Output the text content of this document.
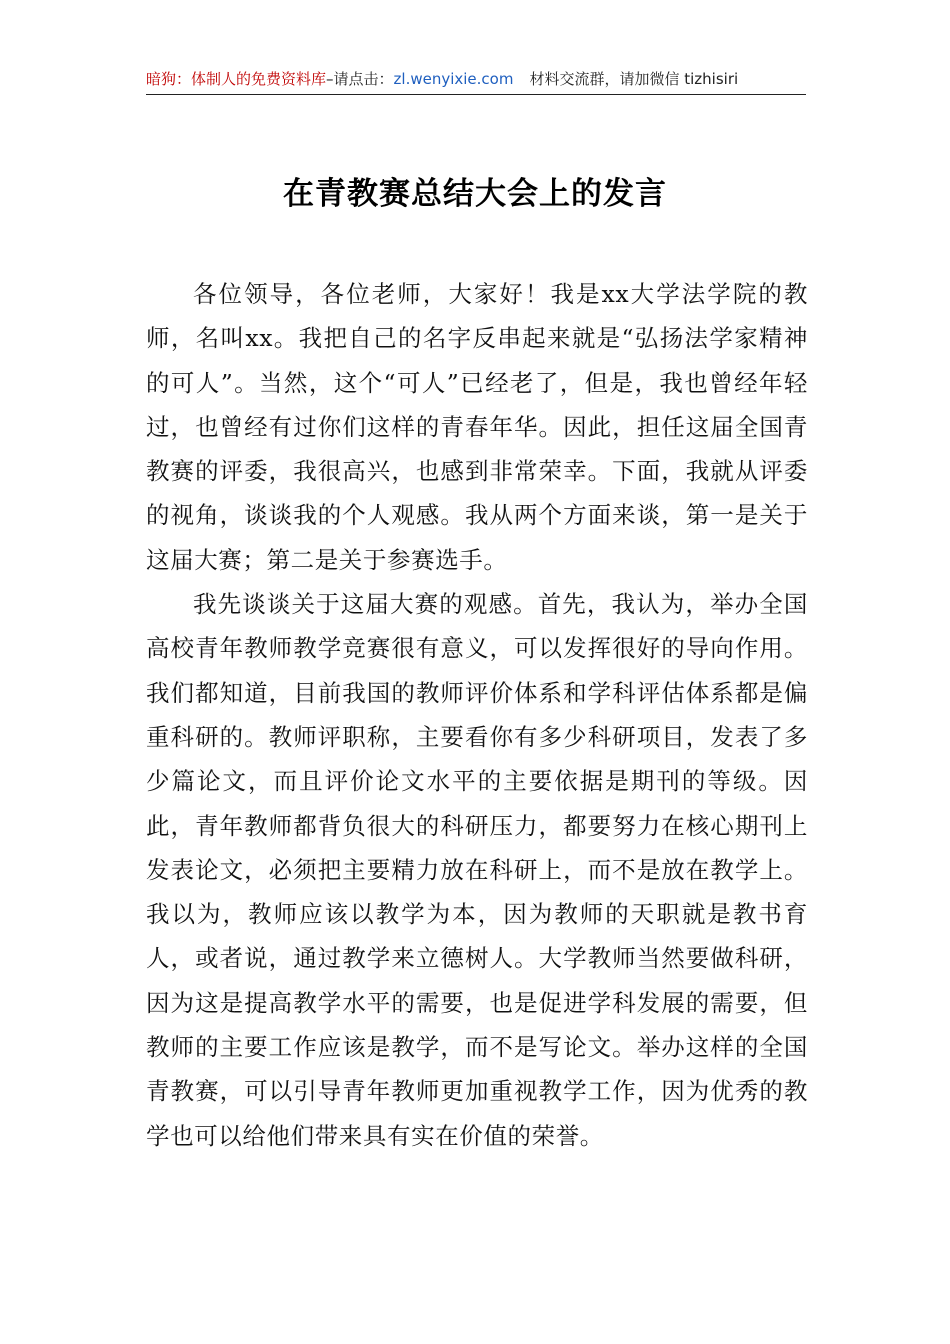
暗狗：体制人的免费资料库–请点击：zl.wenyixie.com 材料交流群，请加微信 tizhisiri
在青教赛总结大会上的发言

各位领导，各位老师，大家好！我是xx大学法学院的教师，名叫xx。我把自己的名字反串起来就是“弘扬法学家精神的可人”。当然，这个“可人”已经老了，但是，我也曾经年轻过，也曾经有过你们这样的青春年华。因此，担任这届全国青教赛的评委，我很高兴，也感到非常荣幸。下面，我就从评委的视角，谈谈我的个人观感。我从两个方面来谈，第一是关于这届大赛；第二是关于参赛选手。

我先谈谈关于这届大赛的观感。首先，我认为，举办全国高校青年教师教学竞赛很有意义，可以发挥很好的导向作用。我们都知道，目前我国的教师评价体系和学科评估体系都是偏重科研的。教师评职称，主要看你有多少科研项目，发表了多少篇论文，而且评价论文水平的主要依据是期刊的等级。因此，青年教师都背负很大的科研压力，都要努力在核心期刊上发表论文，必须把主要精力放在科研上，而不是放在教学上。我以为，教师应该以教学为本，因为教师的天职就是教书育人，或者说，通过教学来立德树人。大学教师当然要做科研，因为这是提高教学水平的需要，也是促进学科发展的需要，但教师的主要工作应该是教学，而不是写论文。举办这样的全国青教赛，可以引导青年教师更加重视教学工作，因为优秀的教学也可以给他们带来具有实在价值的荣誉。
